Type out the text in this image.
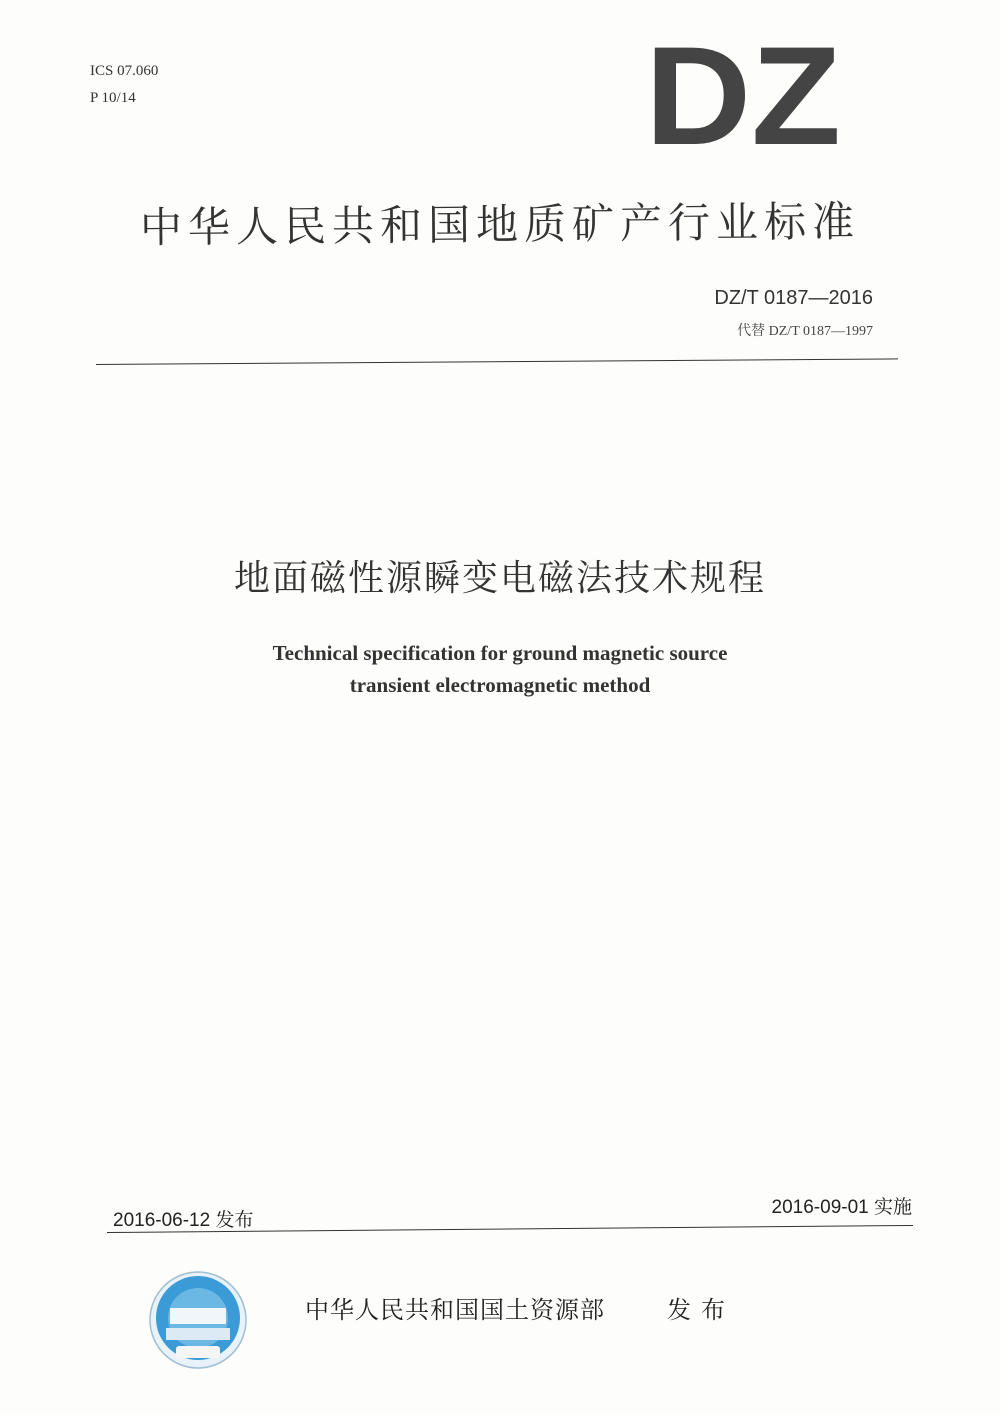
ICS 07.060
P 10/14	DZ
中华人民共和国地质矿产行业标准
DZ/T 0187—2016
代替 DZ/T 0187—1997
地面磁性源瞬变电磁法技术规程
Technical specification for ground magnetic source
transient electromagnetic method
2016-06-12 发布
2016-09-01 实施
中华人民共和国国土资源部	发布
